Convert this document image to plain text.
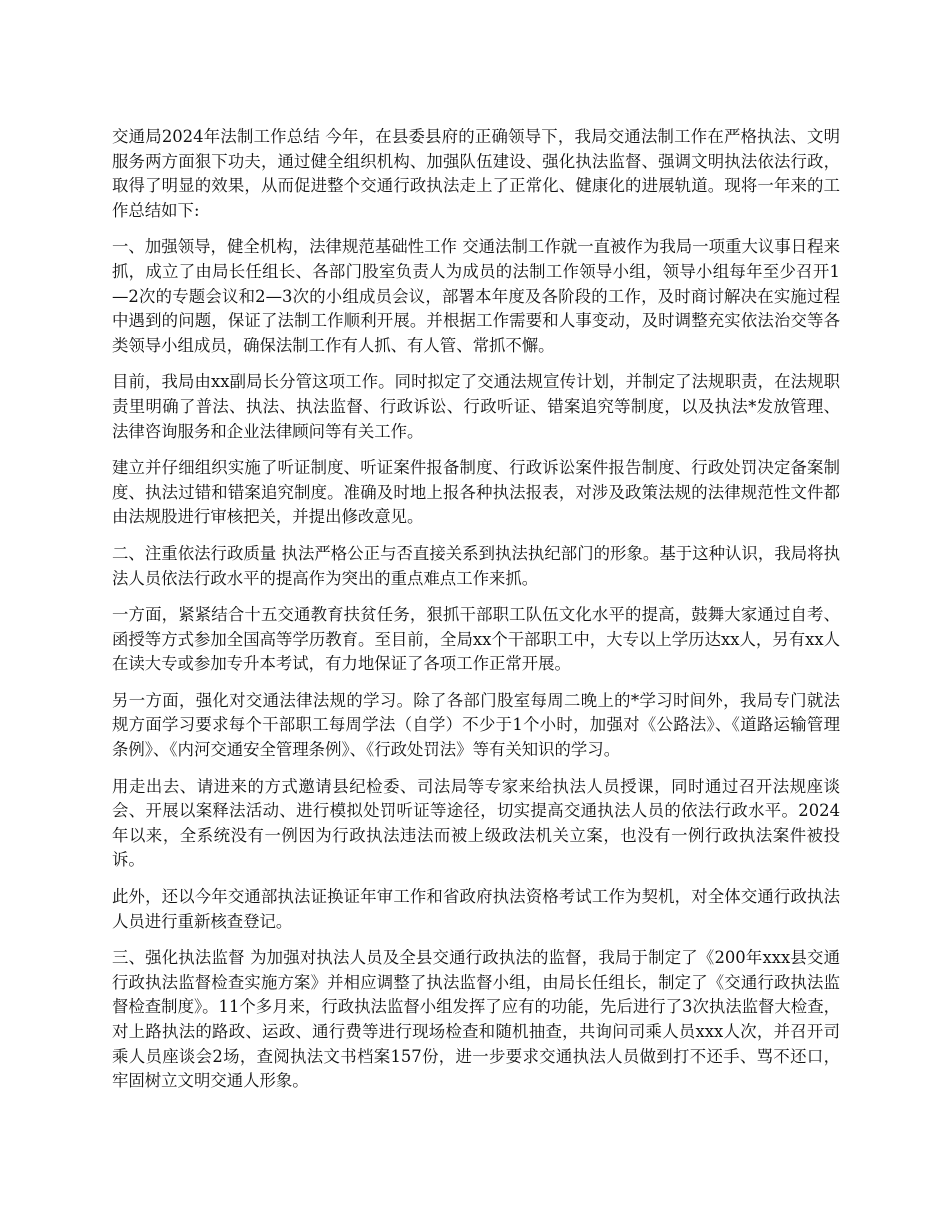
交通局2024年法制工作总结 今年，在县委县府的正确领导下，我局交通法制工作在严格执法、文明服务两方面狠下功夫，通过健全组织机构、加强队伍建设、强化执法监督、强调文明执法依法行政，取得了明显的效果，从而促进整个交通行政执法走上了正常化、健康化的进展轨道。现将一年来的工作总结如下:

一、加强领导，健全机构，法律规范基础性工作 交通法制工作就一直被作为我局一项重大议事日程来抓，成立了由局长任组长、各部门股室负责人为成员的法制工作领导小组，领导小组每年至少召开1—2次的专题会议和2—3次的小组成员会议，部署本年度及各阶段的工作，及时商讨解决在实施过程中遇到的问题，保证了法制工作顺利开展。并根据工作需要和人事变动，及时调整充实依法治交等各类领导小组成员，确保法制工作有人抓、有人管、常抓不懈。

目前，我局由xx副局长分管这项工作。同时拟定了交通法规宣传计划，并制定了法规职责，在法规职责里明确了普法、执法、执法监督、行政诉讼、行政听证、错案追究等制度，以及执法*发放管理、法律咨询服务和企业法律顾问等有关工作。

建立并仔细组织实施了听证制度、听证案件报备制度、行政诉讼案件报告制度、行政处罚决定备案制度、执法过错和错案追究制度。准确及时地上报各种执法报表，对涉及政策法规的法律规范性文件都由法规股进行审核把关，并提出修改意见。

二、注重依法行政质量 执法严格公正与否直接关系到执法执纪部门的形象。基于这种认识，我局将执法人员依法行政水平的提高作为突出的重点难点工作来抓。

一方面，紧紧结合十五交通教育扶贫任务，狠抓干部职工队伍文化水平的提高，鼓舞大家通过自考、函授等方式参加全国高等学历教育。至目前，全局xx个干部职工中，大专以上学历达xx人，另有xx人在读大专或参加专升本考试，有力地保证了各项工作正常开展。

另一方面，强化对交通法律法规的学习。除了各部门股室每周二晚上的*学习时间外，我局专门就法规方面学习要求每个干部职工每周学法（自学）不少于1个小时，加强对《公路法》、《道路运输管理条例》、《内河交通安全管理条例》、《行政处罚法》等有关知识的学习。

用走出去、请进来的方式邀请县纪检委、司法局等专家来给执法人员授课，同时通过召开法规座谈会、开展以案释法活动、进行模拟处罚听证等途径，切实提高交通执法人员的依法行政水平。2024年以来，全系统没有一例因为行政执法违法而被上级政法机关立案，也没有一例行政执法案件被投诉。

此外，还以今年交通部执法证换证年审工作和省政府执法资格考试工作为契机，对全体交通行政执法人员进行重新核查登记。

三、强化执法监督 为加强对执法人员及全县交通行政执法的监督，我局于制定了《200年xxx县交通行政执法监督检查实施方案》并相应调整了执法监督小组，由局长任组长，制定了《交通行政执法监督检查制度》。11个多月来，行政执法监督小组发挥了应有的功能，先后进行了3次执法监督大检查，对上路执法的路政、运政、通行费等进行现场检查和随机抽查，共询问司乘人员xxx人次，并召开司乘人员座谈会2场，查阅执法文书档案157份，进一步要求交通执法人员做到打不还手、骂不还口，牢固树立文明交通人形象。
